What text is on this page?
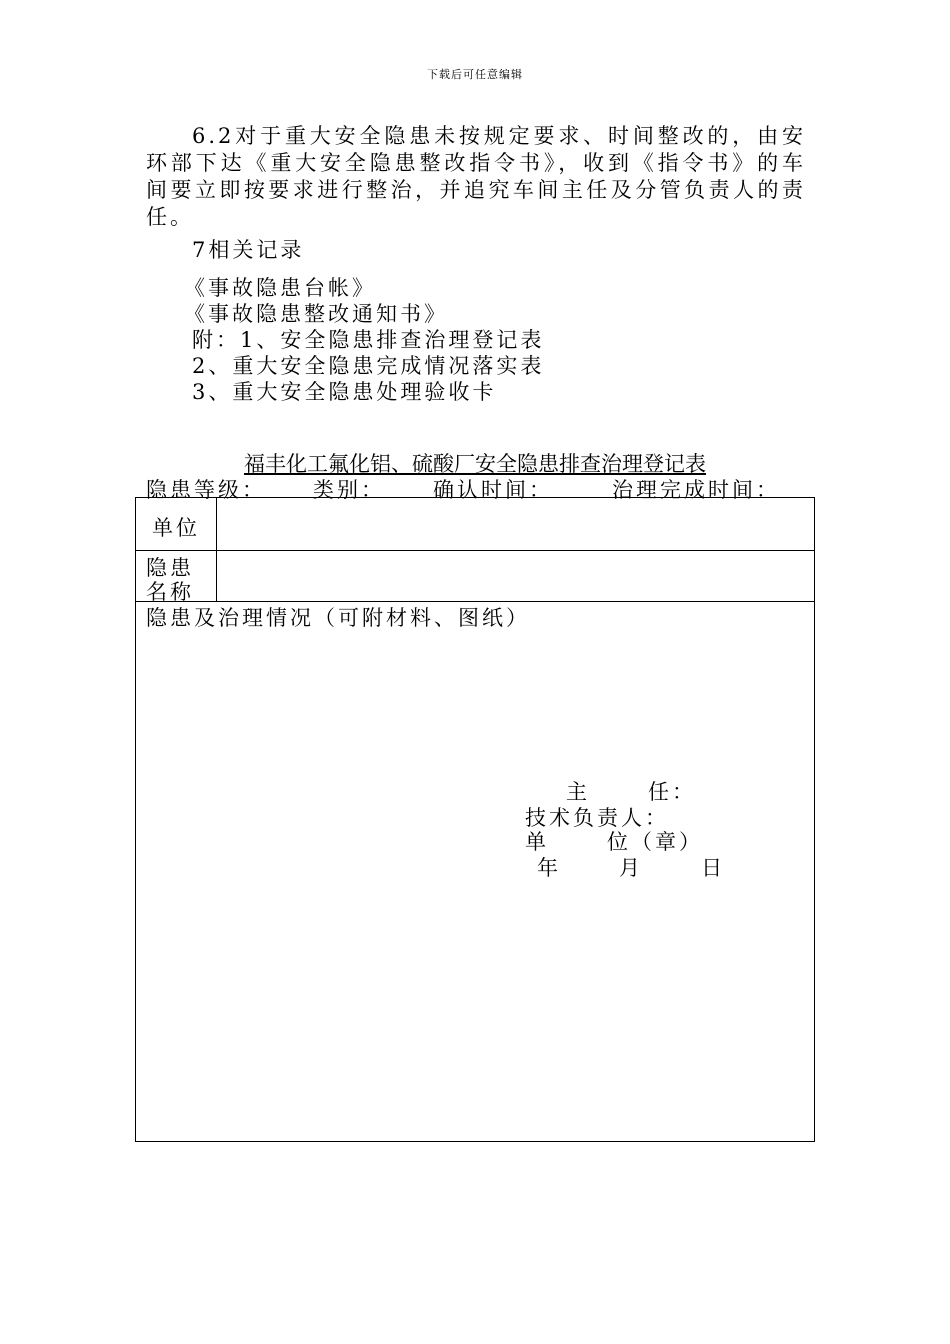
下载后可任意编辑

6.2对于重大安全隐患未按规定要求、时间整改的，由安环部下达《重大安全隐患整改指令书》，收到《指令书》的车间要立即按要求进行整治，并追究车间主任及分管负责人的责任。

7相关记录
《事故隐患台帐》
《事故隐患整改通知书》
附：1、安全隐患排查治理登记表
2、重大安全隐患完成情况落实表
3、重大安全隐患处理验收卡
福丰化工氟化铝、硫酸厂安全隐患排查治理登记表
隐患等级： 类别： 确认时间：	治理完成时间：
单位
隐患
名称
隐患及治理情况（可附材料、图纸）
主      任：
技术负责人：
单      位（章）
年      月      日
